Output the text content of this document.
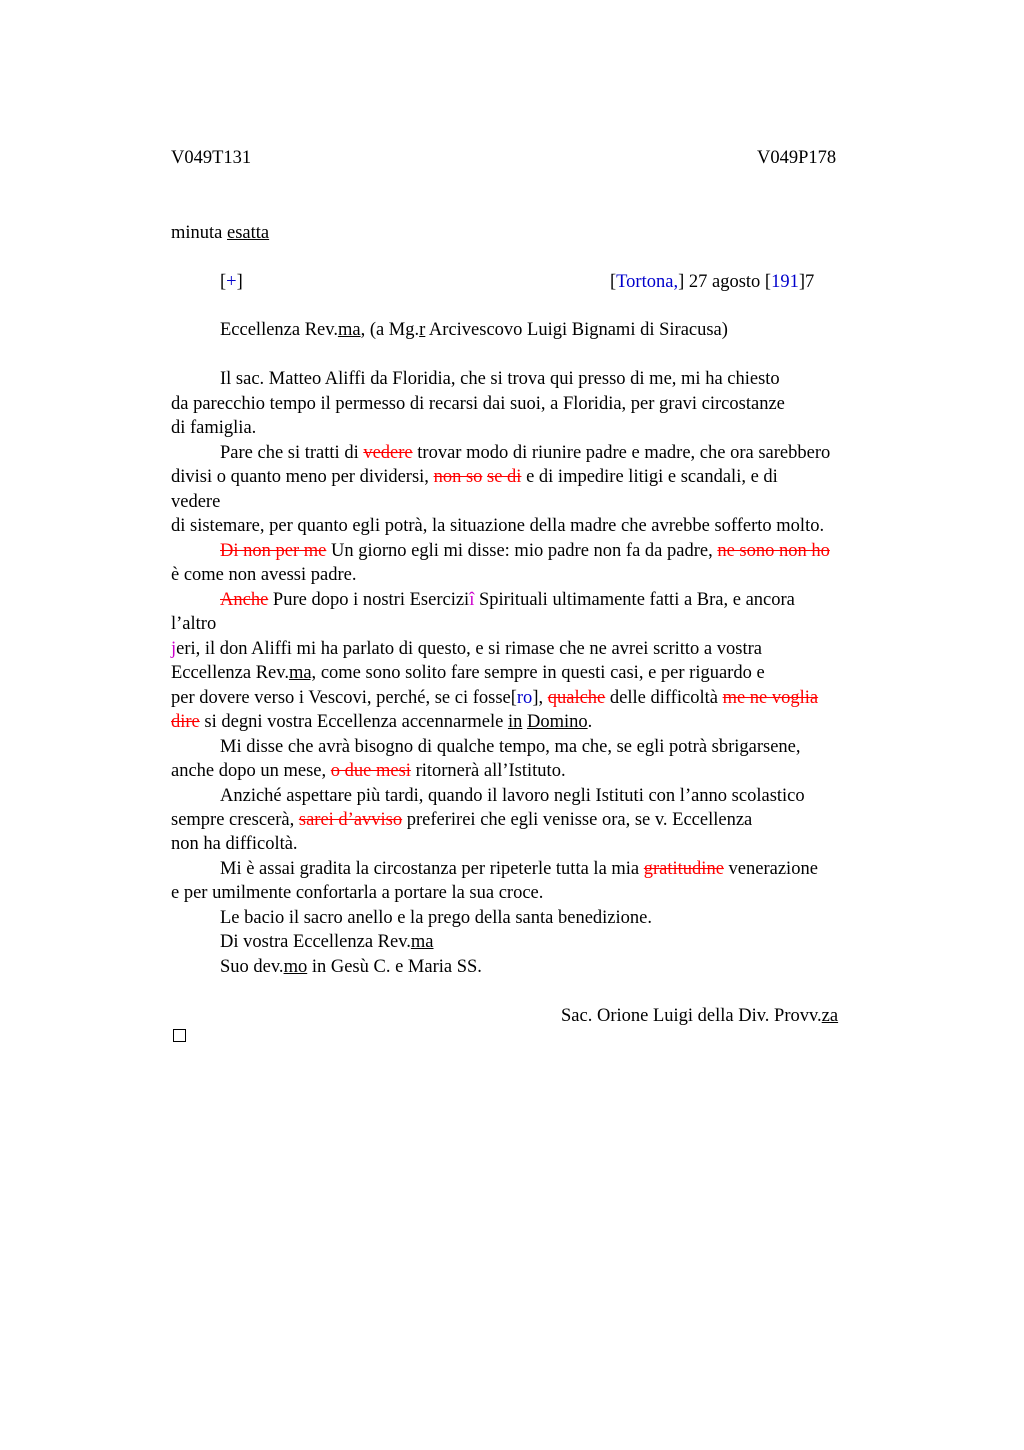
V049T131	V049P178
minuta esatta
[+]	[Tortona,] 27 agosto [191]7
Eccellenza Rev.ma, (a Mg.r Arcivescovo Luigi Bignami di Siracusa)
Il sac. Matteo Aliffi da Floridia, che si trova qui presso di me, mi ha chiesto
da parecchio tempo il permesso di recarsi dai suoi, a Floridia, per gravi circostanze
di famiglia.
Pare che si tratti di vedere trovar modo di riunire padre e madre, che ora sarebbero
divisi o quanto meno per dividersi, non so se di e di impedire litigi e scandali, e di
vedere
di sistemare, per quanto egli potrà, la situazione della madre che avrebbe sofferto molto.
Di non per me Un giorno egli mi disse: mio padre non fa da padre, ne sono non ho
è come non avessi padre.
Anche Pure dopo i nostri Eserciziî Spirituali ultimamente fatti a Bra, e ancora
l’altro
jeri, il don Aliffi mi ha parlato di questo, e si rimase che ne avrei scritto a vostra
Eccellenza Rev.ma, come sono solito fare sempre in questi casi, e per riguardo e
per dovere verso i Vescovi, perché, se ci fosse[ro], qualche delle difficoltà me ne voglia
dire si degni vostra Eccellenza accennarmele in Domino.
Mi disse che avrà bisogno di qualche tempo, ma che, se egli potrà sbrigarsene,
anche dopo un mese, o due mesi ritornerà all’Istituto.
Anziché aspettare più tardi, quando il lavoro negli Istituti con l’anno scolastico
sempre crescerà, sarei d’avviso preferirei che egli venisse ora, se v. Eccellenza
non ha difficoltà.
Mi è assai gradita la circostanza per ripeterle tutta la mia gratitudine venerazione
e per umilmente confortarla a portare la sua croce.
Le bacio il sacro anello e la prego della santa benedizione.
Di vostra Eccellenza Rev.ma
Suo dev.mo in Gesù C. e Maria SS.
Sac. Orione Luigi della Div. Provv.za
